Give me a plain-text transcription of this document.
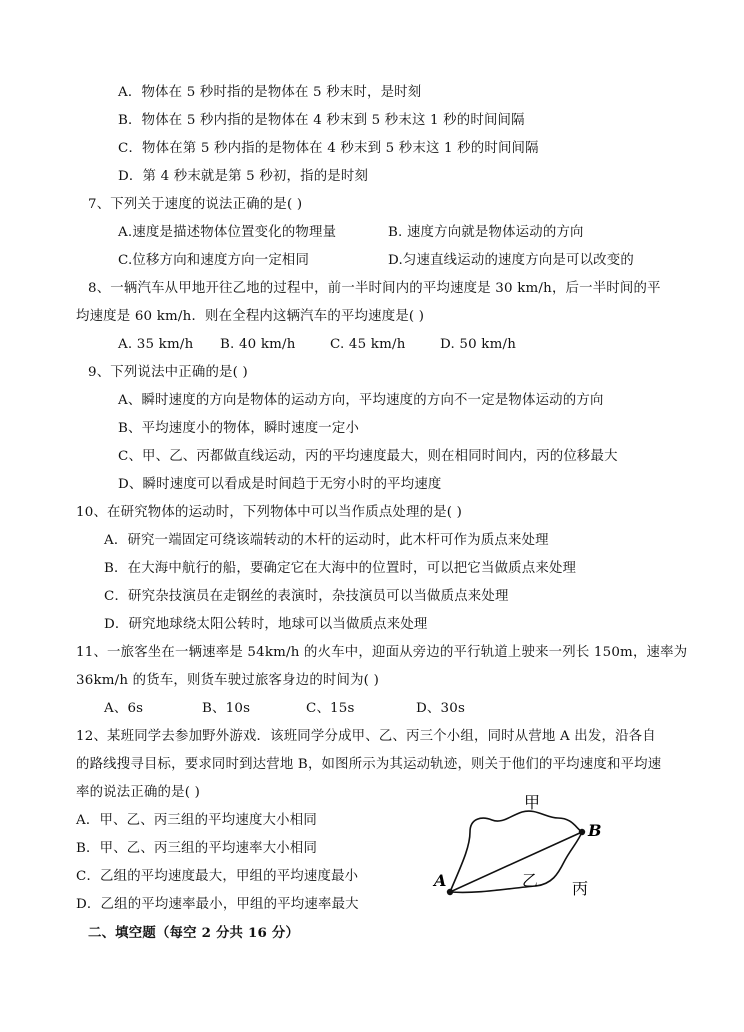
A．物体在 5 秒时指的是物体在 5 秒末时，是时刻
B．物体在 5 秒内指的是物体在 4 秒末到 5 秒末这 1 秒的时间间隔
C．物体在第 5 秒内指的是物体在 4 秒末到 5 秒末这 1 秒的时间间隔
D．第 4 秒末就是第 5 秒初，指的是时刻
7、下列关于速度的说法正确的是( )
A.速度是描述物体位置变化的物理量	B. 速度方向就是物体运动的方向
C.位移方向和速度方向一定相同	D.匀速直线运动的速度方向是可以改变的
8、一辆汽车从甲地开往乙地的过程中，前一半时间内的平均速度是 30 km/h，后一半时间的平
均速度是 60 km/h．则在全程内这辆汽车的平均速度是( )
A. 35 km/h B. 40 km/h	C. 45 km/h	D. 50 km/h
9、下列说法中正确的是( )
A、瞬时速度的方向是物体的运动方向，平均速度的方向不一定是物体运动的方向
B、平均速度小的物体，瞬时速度一定小
C、甲、乙、丙都做直线运动，丙的平均速度最大，则在相同时间内，丙的位移最大
D、瞬时速度可以看成是时间趋于无穷小时的平均速度
10、在研究物体的运动时，下列物体中可以当作质点处理的是( )
A．研究一端固定可绕该端转动的木杆的运动时，此木杆可作为质点来处理
B．在大海中航行的船，要确定它在大海中的位置时，可以把它当做质点来处理
C．研究杂技演员在走钢丝的表演时，杂技演员可以当做质点来处理
D．研究地球绕太阳公转时，地球可以当做质点来处理
11、一旅客坐在一辆速率是 54km/h 的火车中，迎面从旁边的平行轨道上驶来一列长 150m，速率为
36km/h 的货车，则货车驶过旅客身边的时间为( )
A、6s	B、10s	C、15s	D、30s
12、某班同学去参加野外游戏．该班同学分成甲、乙、丙三个小组，同时从营地 A 出发，沿各自
的路线搜寻目标，要求同时到达营地 B，如图所示为其运动轨迹，则关于他们的平均速度和平均速
率的说法正确的是( )
A．甲、乙、丙三组的平均速度大小相同
B．甲、乙、丙三组的平均速率大小相同
C．乙组的平均速度最大，甲组的平均速度最小
D．乙组的平均速率最小，甲组的平均速率最大
二、填空题（每空 2 分共 16 分）
甲
乙 丙
A
B
